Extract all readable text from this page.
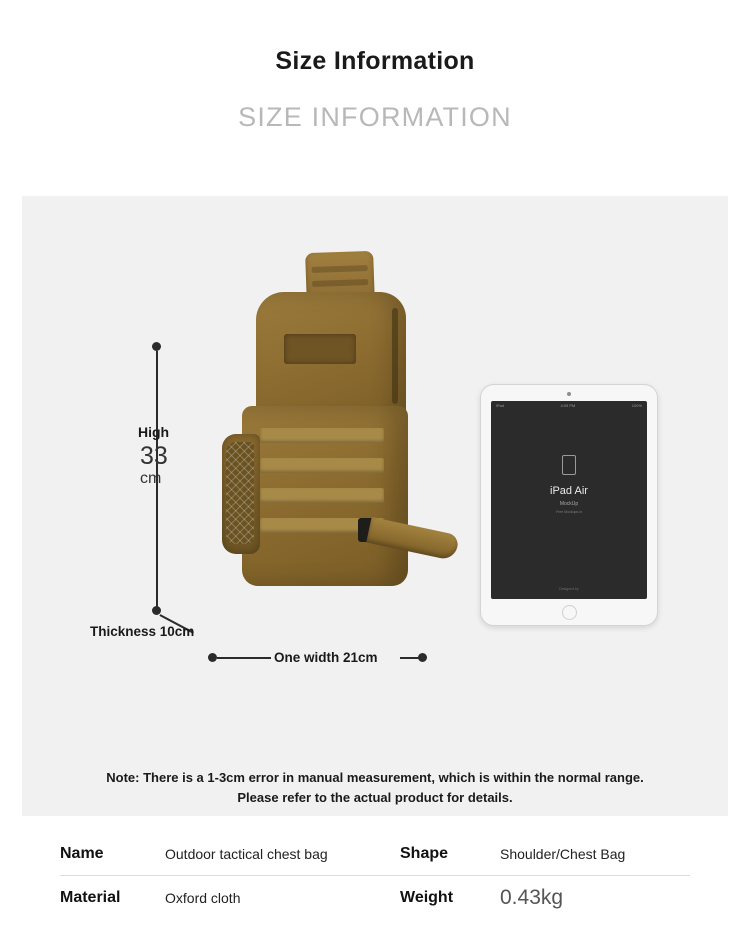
Size Information
SIZE INFORMATION
iPad	4:09 PM	100%
iPad Air
MockUp
Free Mockups.in
Designed by
High
33
cm
Thickness 10cm
One width 21cm
Note: There is a 1-3cm error in manual measurement, which is within the normal range. Please refer to the actual product for details.
Name	Outdoor tactical chest bag	Shape	Shoulder/Chest Bag
Material	Oxford cloth	Weight	0.43kg
